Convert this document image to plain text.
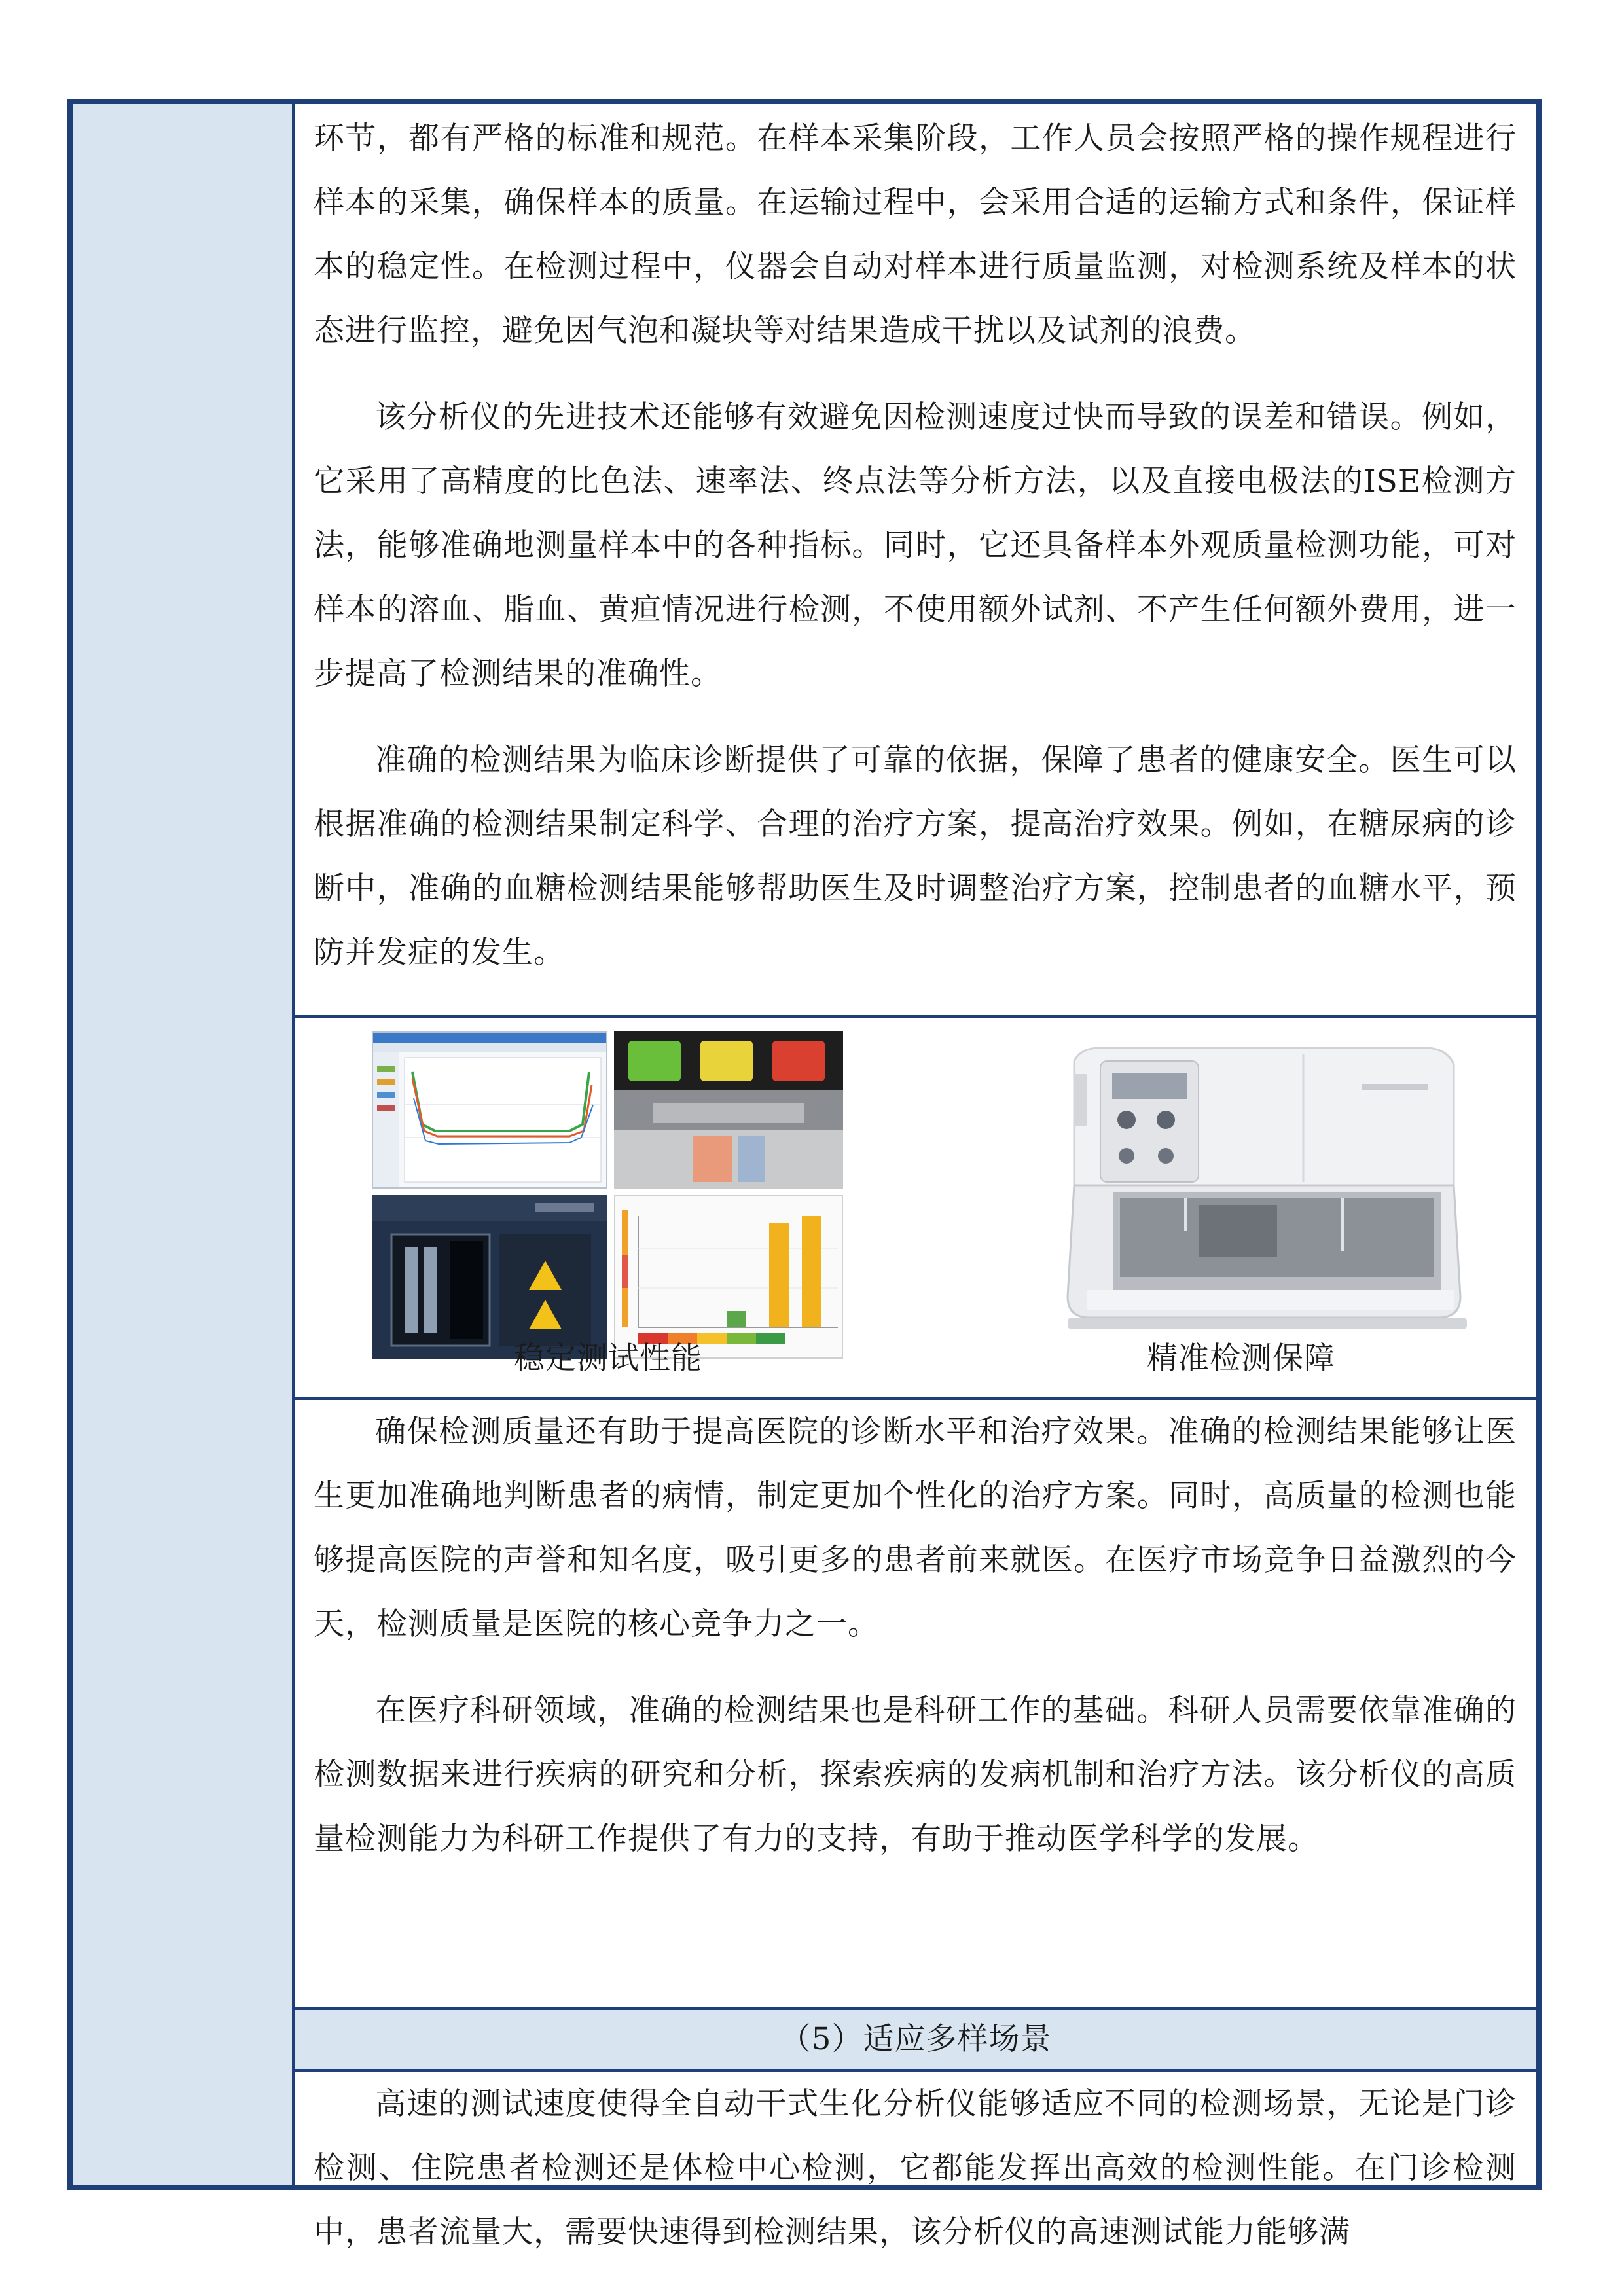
环节，都有严格的标准和规范。在样本采集阶段，工作人员会按照严格的操作规程进行样本的采集，确保样本的质量。在运输过程中，会采用合适的运输方式和条件，保证样本的稳定性。在检测过程中，仪器会自动对样本进行质量监测，对检测系统及样本的状态进行监控，避免因气泡和凝块等对结果造成干扰以及试剂的浪费。

该分析仪的先进技术还能够有效避免因检测速度过快而导致的误差和错误。例如，它采用了高精度的比色法、速率法、终点法等分析方法，以及直接电极法的ISE检测方法，能够准确地测量样本中的各种指标。同时，它还具备样本外观质量检测功能，可对样本的溶血、脂血、黄疸情况进行检测，不使用额外试剂、不产生任何额外费用，进一步提高了检测结果的准确性。

准确的检测结果为临床诊断提供了可靠的依据，保障了患者的健康安全。医生可以根据准确的检测结果制定科学、合理的治疗方案，提高治疗效果。例如，在糖尿病的诊断中，准确的血糖检测结果能够帮助医生及时调整治疗方案，控制患者的血糖水平，预防并发症的发生。

稳定测试性能	精准检测保障

确保检测质量还有助于提高医院的诊断水平和治疗效果。准确的检测结果能够让医生更加准确地判断患者的病情，制定更加个性化的治疗方案。同时，高质量的检测也能够提高医院的声誉和知名度，吸引更多的患者前来就医。在医疗市场竞争日益激烈的今天，检测质量是医院的核心竞争力之一。

在医疗科研领域，准确的检测结果也是科研工作的基础。科研人员需要依靠准确的检测数据来进行疾病的研究和分析，探索疾病的发病机制和治疗方法。该分析仪的高质量检测能力为科研工作提供了有力的支持，有助于推动医学科学的发展。

（5）适应多样场景

高速的测试速度使得全自动干式生化分析仪能够适应不同的检测场景，无论是门诊检测、住院患者检测还是体检中心检测，它都能发挥出高效的检测性能。在门诊检测中，患者流量大，需要快速得到检测结果，该分析仪的高速测试能力能够满
